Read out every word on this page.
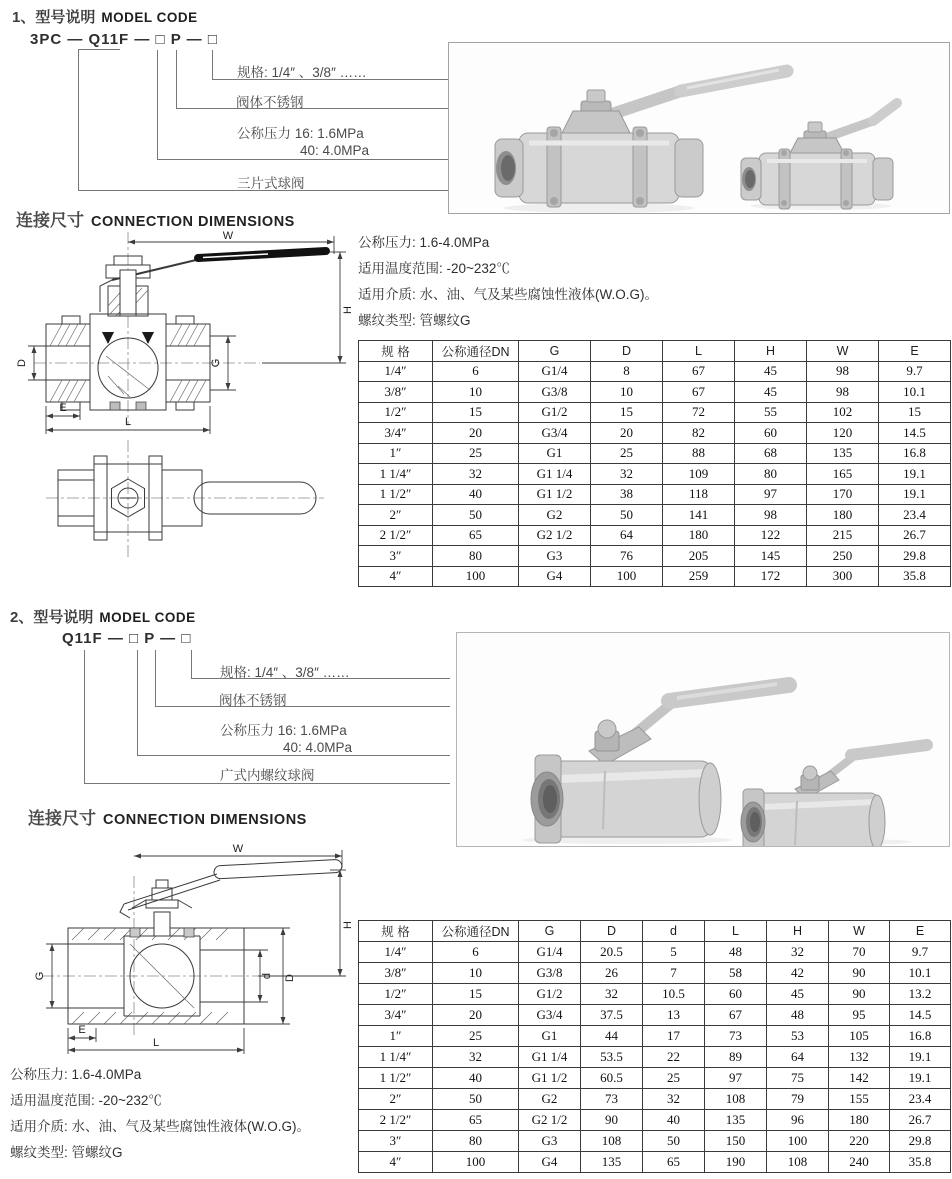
1、型号说明 MODEL CODE
3PC — Q11F — □ P — □
规格: 1/4″ 、3/8″ ……
阀体不锈钢
公称压力 16: 1.6MPa
40: 4.0MPa
三片式球阀
连接尺寸 CONNECTION DIMENSIONS
W
H
D	G
E
L
公称压力: 1.6-4.0MPa
适用温度范围: -20~232℃
适用介质: 水、油、气及某些腐蚀性液体(W.O.G)。
螺纹类型: 管螺纹G
规 格	公称通径DN	G	D	L	H	W	E
1/4″	6	G1/4	8	67	45	98	9.7
3/8″	10	G3/8	10	67	45	98	10.1
1/2″	15	G1/2	15	72	55	102	15
3/4″	20	G3/4	20	82	60	120	14.5
1″	25	G1	25	88	68	135	16.8
1 1/4″	32	G1 1/4	32	109	80	165	19.1
1 1/2″	40	G1 1/2	38	118	97	170	19.1
2″	50	G2	50	141	98	180	23.4
2 1/2″	65	G2 1/2	64	180	122	215	26.7
3″	80	G3	76	205	145	250	29.8
4″	100	G4	100	259	172	300	35.8
2、型号说明 MODEL CODE
Q11F — □ P — □
规格: 1/4″ 、3/8″ ……
阀体不锈钢
公称压力 16: 1.6MPa
40: 4.0MPa
广式内螺纹球阀
连接尺寸 CONNECTION DIMENSIONS
W
H
G	d D
E
L
公称压力: 1.6-4.0MPa
适用温度范围: -20~232℃
适用介质: 水、油、气及某些腐蚀性液体(W.O.G)。
螺纹类型: 管螺纹G
规 格	公称通径DN	G	D	d	L	H	W	E
1/4″	6	G1/4	20.5	5	48	32	70	9.7
3/8″	10	G3/8	26	7	58	42	90	10.1
1/2″	15	G1/2	32	10.5	60	45	90	13.2
3/4″	20	G3/4	37.5	13	67	48	95	14.5
1″	25	G1	44	17	73	53	105	16.8
1 1/4″	32	G1 1/4	53.5	22	89	64	132	19.1
1 1/2″	40	G1 1/2	60.5	25	97	75	142	19.1
2″	50	G2	73	32	108	79	155	23.4
2 1/2″	65	G2 1/2	90	40	135	96	180	26.7
3″	80	G3	108	50	150	100	220	29.8
4″	100	G4	135	65	190	108	240	35.8
